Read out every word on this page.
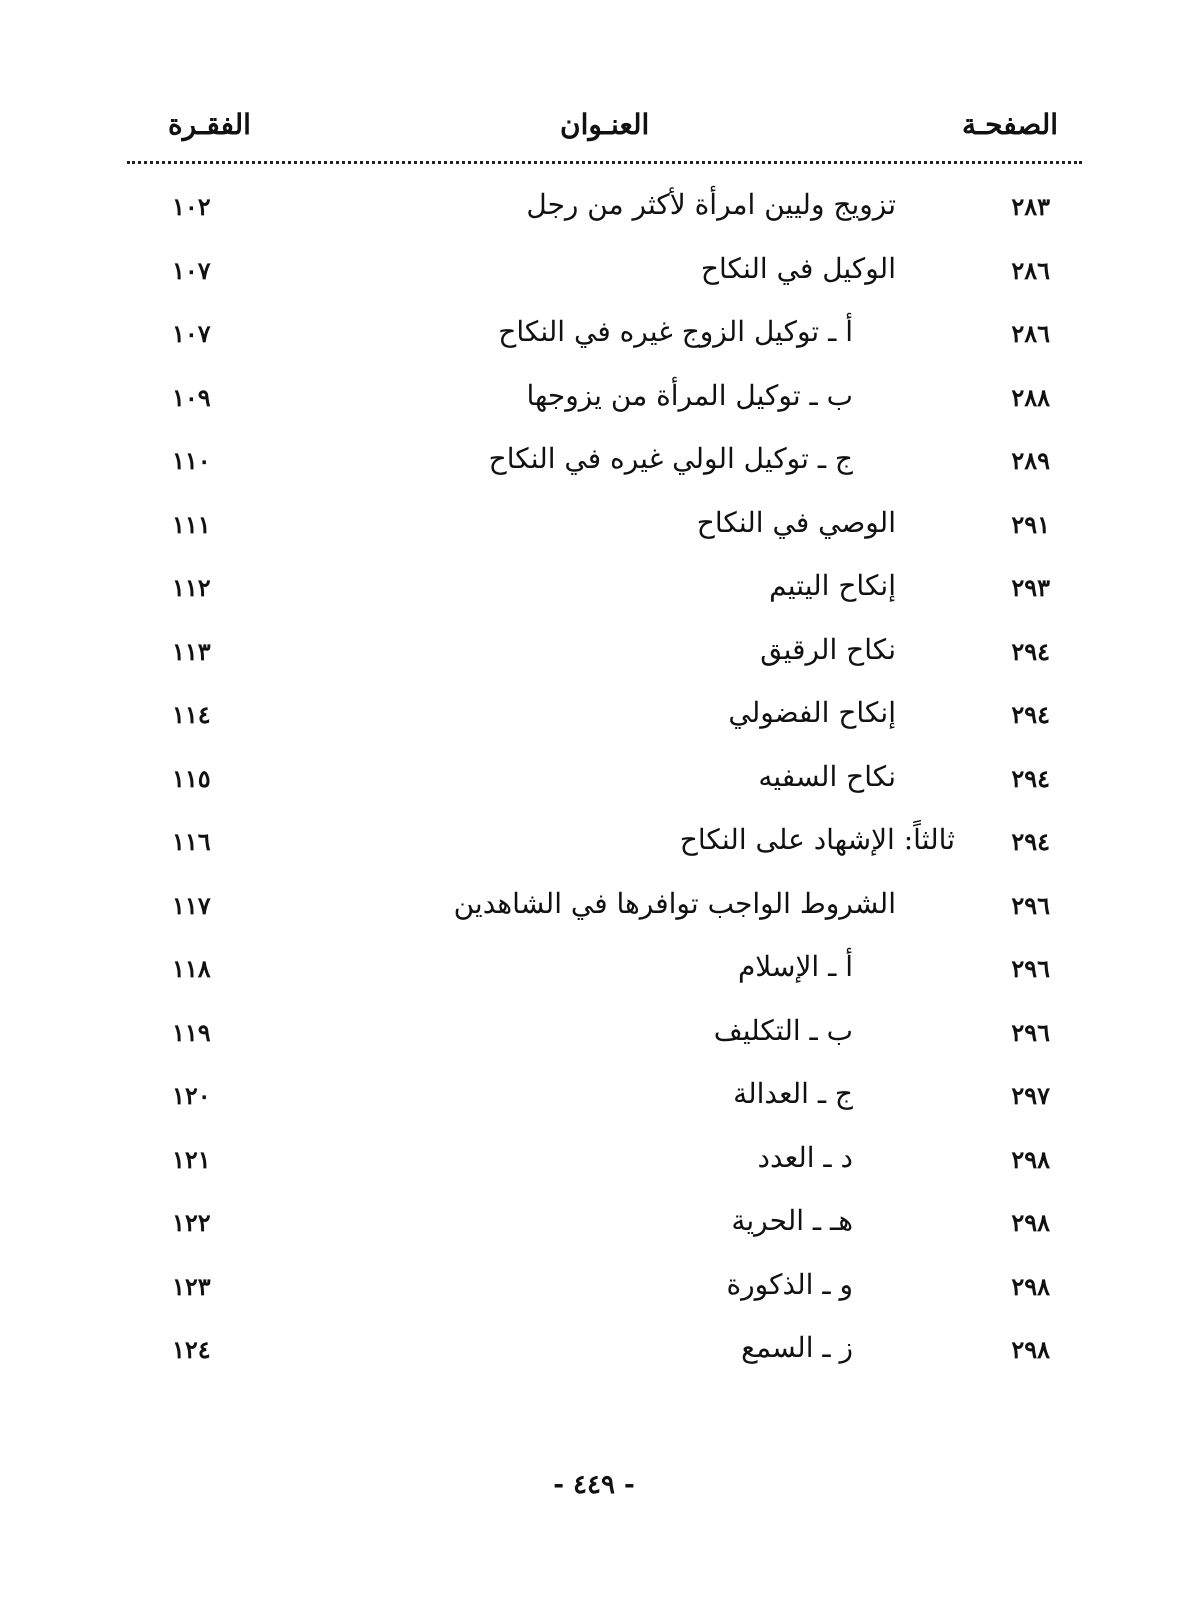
الصفحـة
العنـوان
الفقـرة
٢٨٣
تزويج وليين امرأة لأكثر من رجل
١٠٢
٢٨٦
الوكيل في النكاح
١٠٧
٢٨٦
أ ـ توكيل الزوج غيره في النكاح
١٠٧
٢٨٨
ب ـ توكيل المرأة من يزوجها
١٠٩
٢٨٩
ج ـ توكيل الولي غيره في النكاح
١١٠
٢٩١
الوصي في النكاح
١١١
٢٩٣
إنكاح اليتيم
١١٢
٢٩٤
نكاح الرقيق
١١٣
٢٩٤
إنكاح الفضولي
١١٤
٢٩٤
نكاح السفيه
١١٥
٢٩٤
ثالثاً: الإشهاد على النكاح
١١٦
٢٩٦
الشروط الواجب توافرها في الشاهدين
١١٧
٢٩٦
أ ـ الإسلام
١١٨
٢٩٦
ب ـ التكليف
١١٩
٢٩٧
ج ـ العدالة
١٢٠
٢٩٨
د ـ العدد
١٢١
٢٩٨
هـ ـ الحرية
١٢٢
٢٩٨
و ـ الذكورة
١٢٣
٢٩٨
ز ـ السمع
١٢٤
- ٤٤٩ -
